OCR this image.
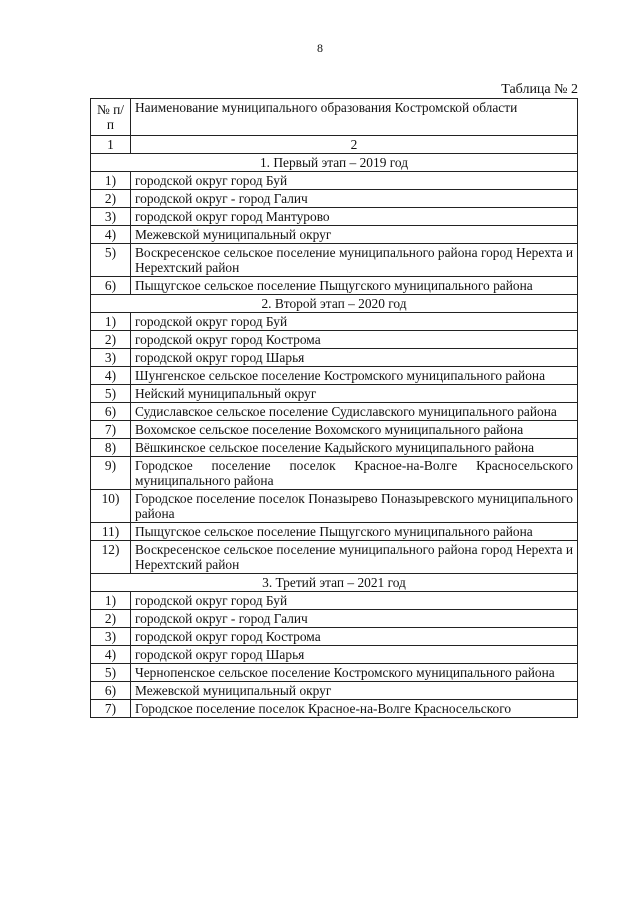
8
Таблица № 2
№ п/п	Наименование муниципального образования Костромской области
1	2
1. Первый этап – 2019 год	
1)	городской округ город Буй
2)	городской округ - город Галич
3)	городской округ город Мантурово
4)	Межевской муниципальный округ
5)	Воскресенское сельское поселение муниципального района город Нерехта и Нерехтский район
6)	Пыщугское сельское поселение Пыщугского муниципального района
2. Второй этап – 2020 год	
1)	городской округ город Буй
2)	городской округ город Кострома
3)	городской округ город Шарья
4)	Шунгенское сельское поселение Костромского муниципального района
5)	Нейский муниципальный округ
6)	Судиславское сельское поселение Судиславского муниципального района
7)	Вохомское сельское поселение Вохомского муниципального района
8)	Вёшкинское сельское поселение Кадыйского муниципального района
9)	Городское поселение поселок Красное-на-Волге Красносельского муниципального района
10)	Городское поселение поселок Поназырево Поназыревского муниципального района
11)	Пыщугское сельское поселение Пыщугского муниципального района
12)	Воскресенское сельское поселение муниципального района город Нерехта и Нерехтский район
3. Третий этап – 2021 год	
1)	городской округ город Буй
2)	городской округ - город Галич
3)	городской округ город Кострома
4)	городской округ город Шарья
5)	Чернопенское сельское поселение Костромского муниципального района
6)	Межевской муниципальный округ
7)	Городское поселение поселок Красное-на-Волге Красносельского
